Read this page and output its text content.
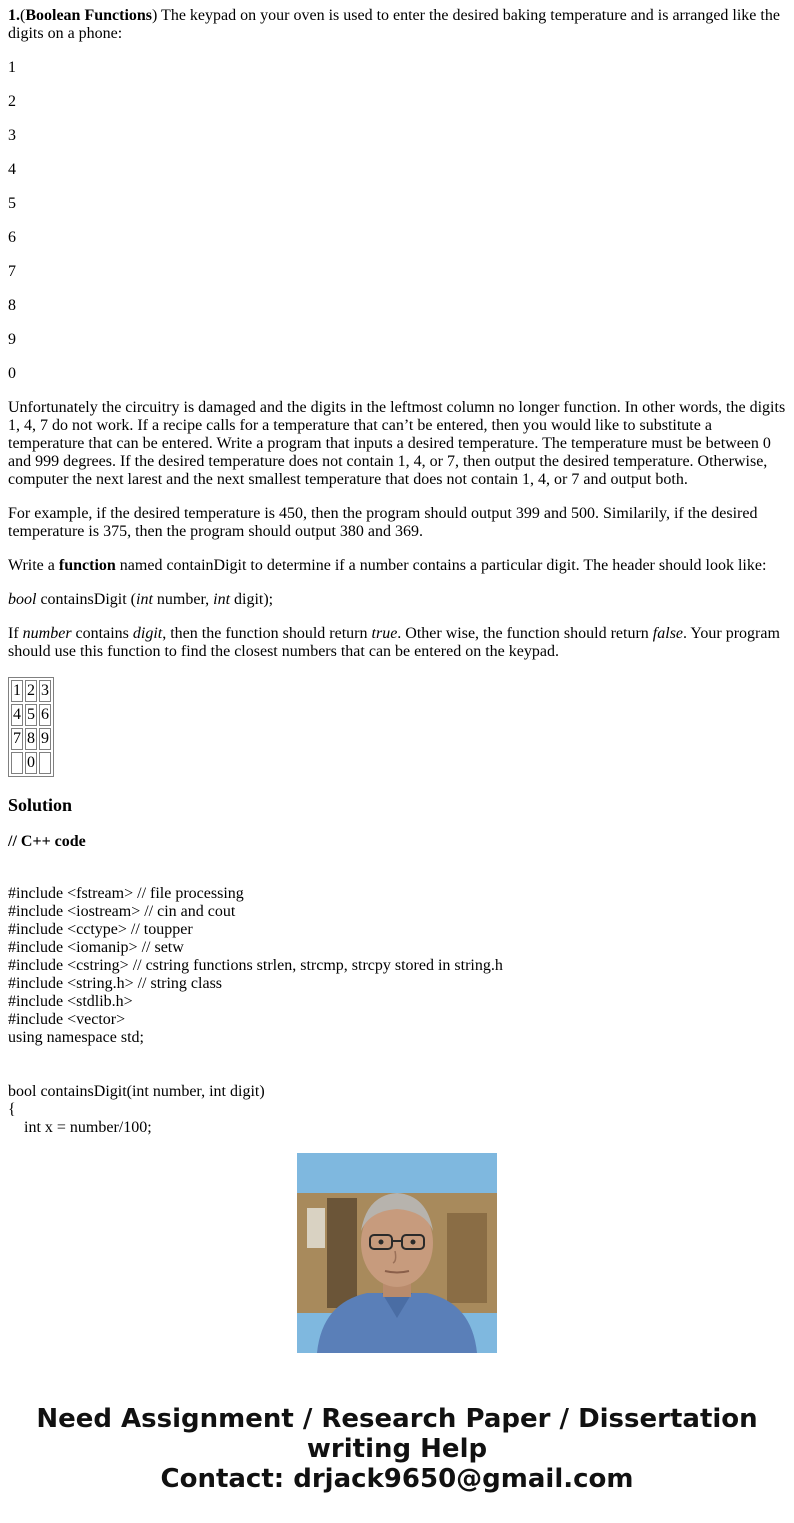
1.(Boolean Functions) The keypad on your oven is used to enter the desired baking temperature and is arranged like the digits on a phone:

1

2

3

4

5

6

7

8

9

0

Unfortunately the circuitry is damaged and the digits in the leftmost column no longer function. In other words, the digits 1, 4, 7 do not work. If a recipe calls for a temperature that can’t be entered, then you would like to substitute a temperature that can be entered. Write a program that inputs a desired temperature. The temperature must be between 0 and 999 degrees. If the desired temperature does not contain 1, 4, or 7, then output the desired temperature. Otherwise, computer the next larest and the next smallest temperature that does not contain 1, 4, or 7 and output both.

For example, if the desired temperature is 450, then the program should output 399 and 500. Similarily, if the desired temperature is 375, then the program should output 380 and 369.

Write a function named containDigit to determine if a number contains a particular digit. The header should look like:

bool containsDigit (int number, int digit);

If number contains digit, then the function should return true. Other wise, the function should return false. Your program should use this function to find the closest numbers that can be entered on the keypad.

1	2	3
4	5	6
7	8	9
	0	
Solution
// C++ code
#include <fstream> // file processing
#include <iostream> // cin and cout
#include <cctype> // toupper
#include <iomanip> // setw
#include <cstring> // cstring functions strlen, strcmp, strcpy stored in string.h
#include <string.h> // string class
#include <stdlib.h>
#include <vector>
using namespace std;
bool containsDigit(int number, int digit)
{
int x = number/100;
Need Assignment / Research Paper / Dissertation
writing Help
Contact: drjack9650@gmail.com
